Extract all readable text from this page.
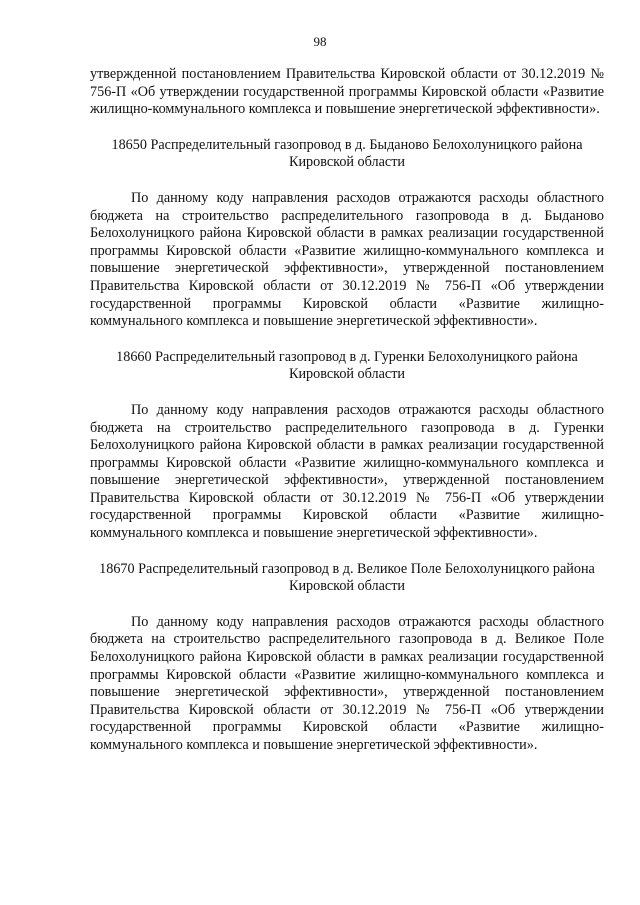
98

утвержденной постановлением Правительства Кировской области от 30.12.2019 № 756-П «Об утверждении государственной программы Кировской области «Развитие жилищно-коммунального комплекса и повышение энергетической эффективности».

18650 Распределительный газопровод в д. Быданово Белохолуницкого района Кировской области

По данному коду направления расходов отражаются расходы областного бюджета на строительство распределительного газопровода в д. Быданово Белохолуницкого района Кировской области в рамках реализации государственной программы Кировской области «Развитие жилищно-коммунального комплекса и повышение энергетической эффективности», утвержденной постановлением Правительства Кировской области от 30.12.2019 № 756-П «Об утверждении государственной программы Кировской области «Развитие жилищно-коммунального комплекса и повышение энергетической эффективности».

18660 Распределительный газопровод в д. Гуренки Белохолуницкого района Кировской области

По данному коду направления расходов отражаются расходы областного бюджета на строительство распределительного газопровода в д. Гуренки Белохолуницкого района Кировской области в рамках реализации государственной программы Кировской области «Развитие жилищно-коммунального комплекса и повышение энергетической эффективности», утвержденной постановлением Правительства Кировской области от 30.12.2019 № 756-П «Об утверждении государственной программы Кировской области «Развитие жилищно-коммунального комплекса и повышение энергетической эффективности».

18670 Распределительный газопровод в д. Великое Поле Белохолуницкого района Кировской области

По данному коду направления расходов отражаются расходы областного бюджета на строительство распределительного газопровода в д. Великое Поле Белохолуницкого района Кировской области в рамках реализации государственной программы Кировской области «Развитие жилищно-коммунального комплекса и повышение энергетической эффективности», утвержденной постановлением Правительства Кировской области от 30.12.2019 № 756-П «Об утверждении государственной программы Кировской области «Развитие жилищно-коммунального комплекса и повышение энергетической эффективности».
